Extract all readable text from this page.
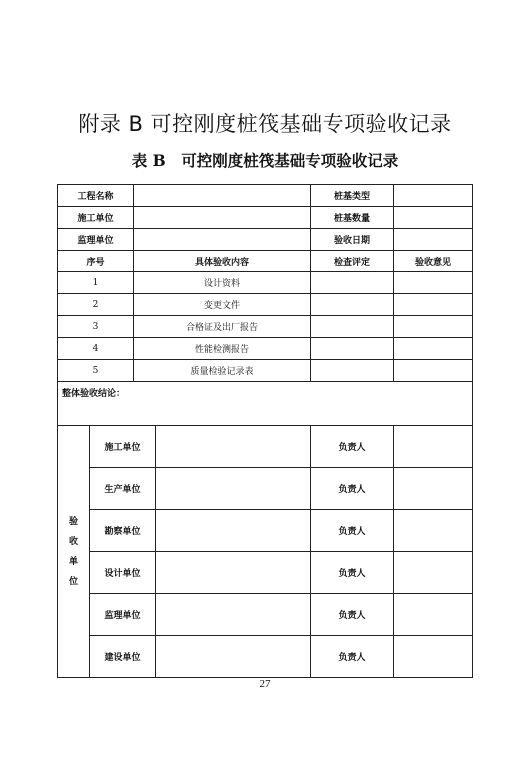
附录 B 可控刚度桩筏基础专项验收记录
表 B　可控刚度桩筏基础专项验收记录
工程名称				桩基类型	
施工单位				桩基数量	
监理单位				验收日期	
序号		具体验收内容		检查评定	验收意见
1		设计资料			
2		变更文件			
3		合格证及出厂报告			
4		性能检测报告			
5		质量检验记录表			
整体验收结论：					

验
收
单
位	施工单位			负责人	
	生产单位			负责人	
	勘察单位			负责人	
	设计单位			负责人	
	监理单位			负责人	
	建设单位			负责人	
27
